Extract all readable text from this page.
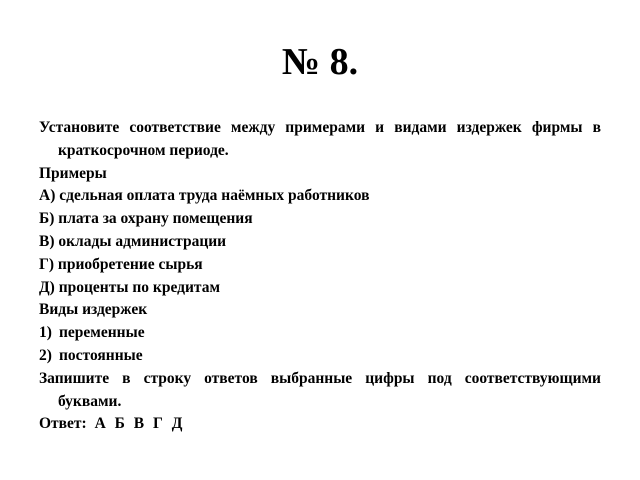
№ 8.
Установите соответствие между примерами и видами издержек фирмы в краткосрочном периоде.
Примеры
А) сдельная оплата труда наёмных работников
Б) плата за охрану помещения
В) оклады администрации
Г) приобретение сырья
Д) проценты по кредитам
Виды издержек
1) переменные
2) постоянные
Запишите в строку ответов выбранные цифры под соответствующими буквами.
Ответ: А Б В Г Д
